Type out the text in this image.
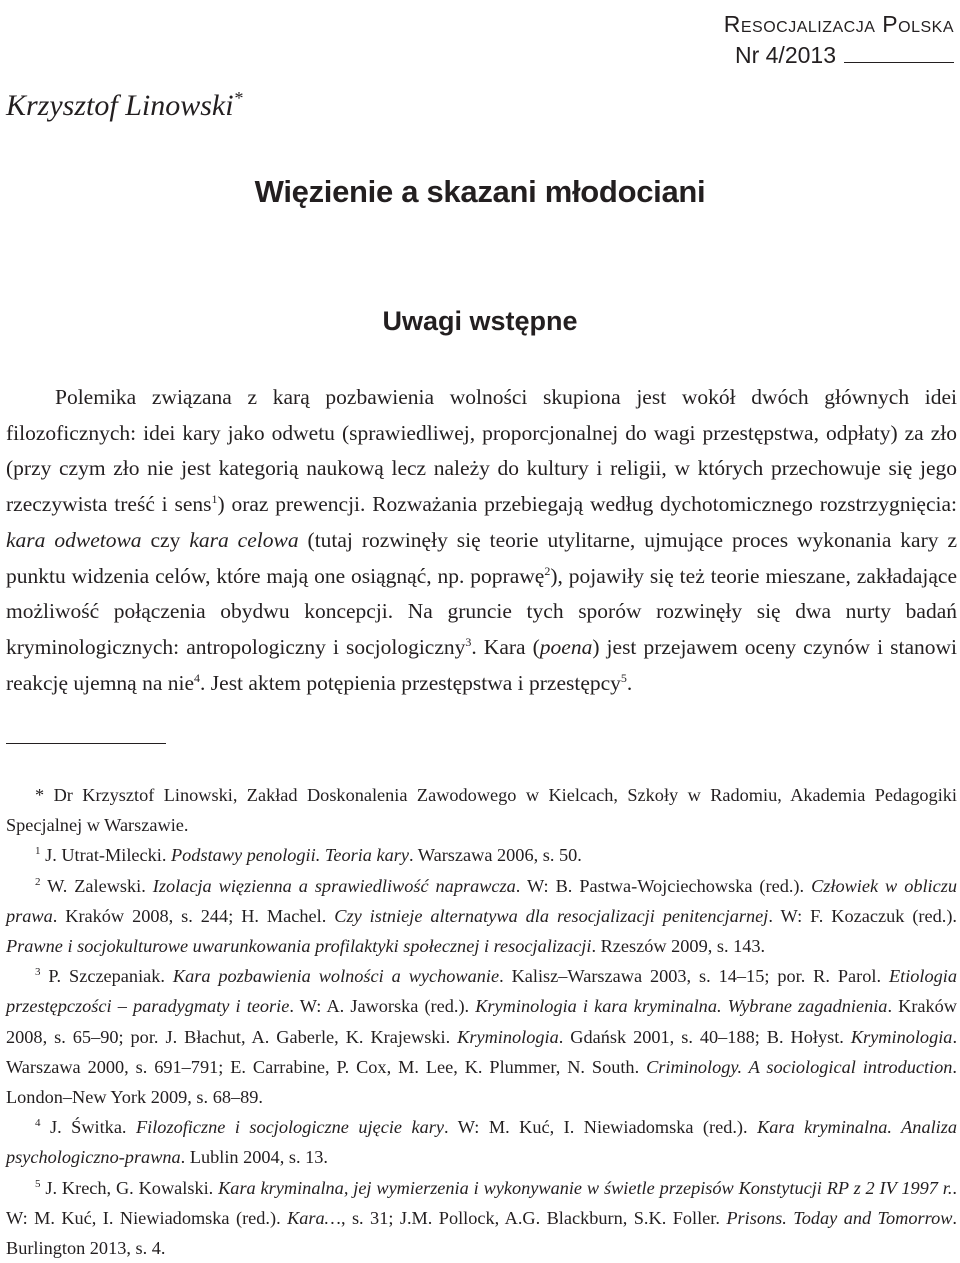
Resocjalizacja Polska
Nr 4/2013
Krzysztof Linowski*
Więzienie a skazani młodociani
Uwagi wstępne

Polemika związana z karą pozbawienia wolności skupiona jest wokół dwóch głównych idei filozoficznych: idei kary jako odwetu (sprawiedliwej, proporcjonalnej do wagi przestępstwa, odpłaty) za zło (przy czym zło nie jest kategorią naukową lecz należy do kultury i religii, w których przechowuje się jego rzeczywista treść i sens$^1$) oraz prewencji. Rozważania przebiegają według dychotomicznego rozstrzygnięcia: kara odwetowa czy kara celowa (tutaj rozwinęły się teorie utylitarne, ujmujące proces wykonania kary z punktu widzenia celów, które mają one osiągnąć, np. poprawę$^2$), pojawiły się też teorie mieszane, zakładające możliwość połączenia obydwu koncepcji. Na gruncie tych sporów rozwinęły się dwa nurty badań kryminologicznych: antropologiczny i socjologiczny$^3$. Kara (poena) jest przejawem oceny czynów i stanowi reakcję ujemną na nie$^4$. Jest aktem potępienia przestępstwa i przestępcy$^5$.

* Dr Krzysztof Linowski, Zakład Doskonalenia Zawodowego w Kielcach, Szkoły w Radomiu, Akademia Pedagogiki Specjalnej w Warszawie.

$^1$ J. Utrat-Milecki. Podstawy penologii. Teoria kary. Warszawa 2006, s. 50.

$^2$ W. Zalewski. Izolacja więzienna a sprawiedliwość naprawcza. W: B. Pastwa-Wojciechowska (red.). Człowiek w obliczu prawa. Kraków 2008, s. 244; H. Machel. Czy istnieje alternatywa dla resocjalizacji penitencjarnej. W: F. Kozaczuk (red.). Prawne i socjokulturowe uwarunkowania profilaktyki społecznej i resocjalizacji. Rzeszów 2009, s. 143.

$^3$ P. Szczepaniak. Kara pozbawienia wolności a wychowanie. Kalisz–Warszawa 2003, s. 14–15; por. R. Parol. Etiologia przestępczości – paradygmaty i teorie. W: A. Jaworska (red.). Kryminologia i kara kryminalna. Wybrane zagadnienia. Kraków 2008, s. 65–90; por. J. Błachut, A. Gaberle, K. Krajewski. Kryminologia. Gdańsk 2001, s. 40–188; B. Hołyst. Kryminologia. Warszawa 2000, s. 691–791; E. Carrabine, P. Cox, M. Lee, K. Plummer, N. South. Criminology. A sociological introduction. London–New York 2009, s. 68–89.

$^4$ J. Świtka. Filozoficzne i socjologiczne ujęcie kary. W: M. Kuć, I. Niewiadomska (red.). Kara kryminalna. Analiza psychologiczno-prawna. Lublin 2004, s. 13.

$^5$ J. Krech, G. Kowalski. Kara kryminalna, jej wymierzenia i wykonywanie w świetle przepisów Konstytucji RP z 2 IV 1997 r.. W: M. Kuć, I. Niewiadomska (red.). Kara…, s. 31; J.M. Pollock, A.G. Blackburn, S.K. Foller. Prisons. Today and Tomorrow. Burlington 2013, s. 4.
